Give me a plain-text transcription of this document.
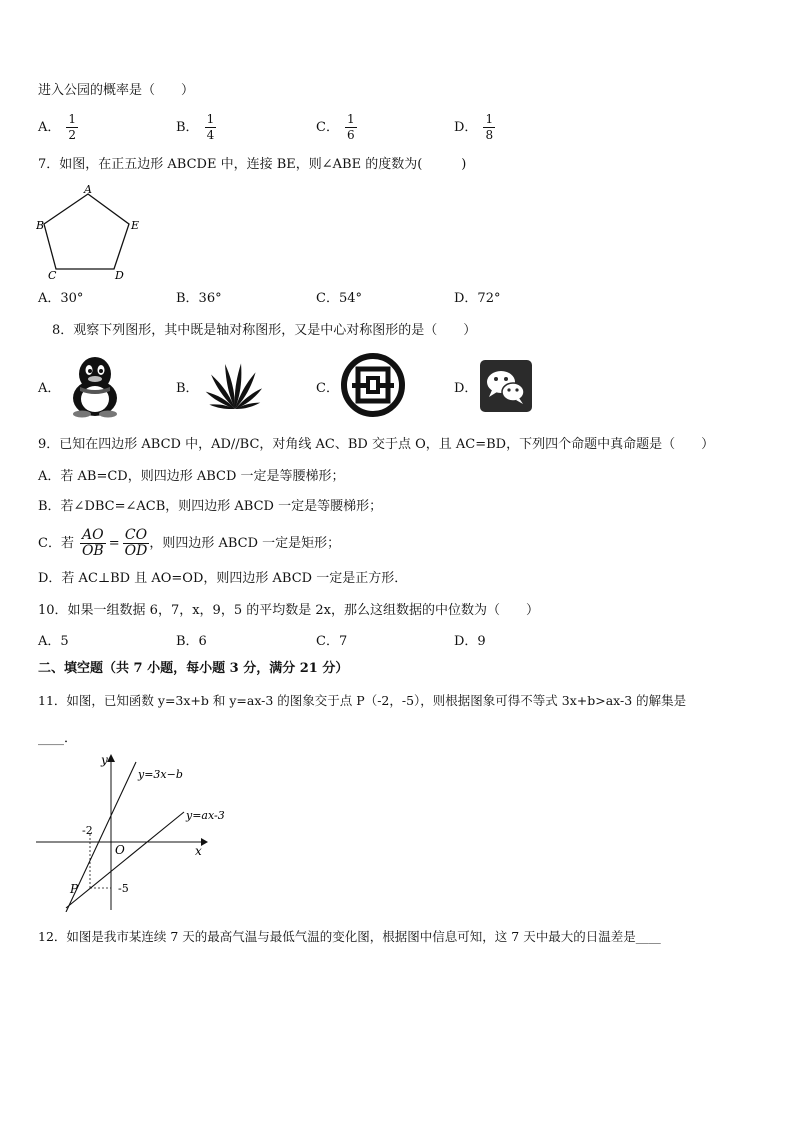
进入公园的概率是（　　）
A． $\frac{1}{2}$	B． $\frac{1}{4}$	C． $\frac{1}{6}$	D． $\frac{1}{8}$
7．如图，在正五边形 ABCDE 中，连接 BE，则∠ABE 的度数为(　　　)
A
B
C	D
E
A．30°	B．36°	C．54°	D．72°
8．观察下列图形，其中既是轴对称图形，又是中心对称图形的是（　　）
A．	B．	C．	D．
9．已知在四边形 ABCD 中，AD//BC，对角线 AC、BD 交于点 O，且 AC=BD，下列四个命题中真命题是（　　）
A．若 AB=CD，则四边形 ABCD 一定是等腰梯形；
B．若∠DBC=∠ACB，则四边形 ABCD 一定是等腰梯形；
C．若 $\frac{AO}{OB} = \frac{CO}{OD}$ ，则四边形 ABCD 一定是矩形；
D．若 AC⊥BD 且 AO=OD，则四边形 ABCD 一定是正方形．
10．如果一组数据 6，7，x，9，5 的平均数是 2x，那么这组数据的中位数为（　　）
A．5	B．6	C．7	D．9
二、填空题（共 7 小题，每小题 3 分，满分 21 分）
11．如图，已知函数 y=3x+b 和 y=ax-3 的图象交于点 P（-2，-5），则根据图象可得不等式 3x+b>ax-3 的解集是
____．
y
x
O
y=3x−b
y=ax-3
-2
-5
P
12．如图是我市某连续 7 天的最高气温与最低气温的变化图，根据图中信息可知，这 7 天中最大的日温差是____
